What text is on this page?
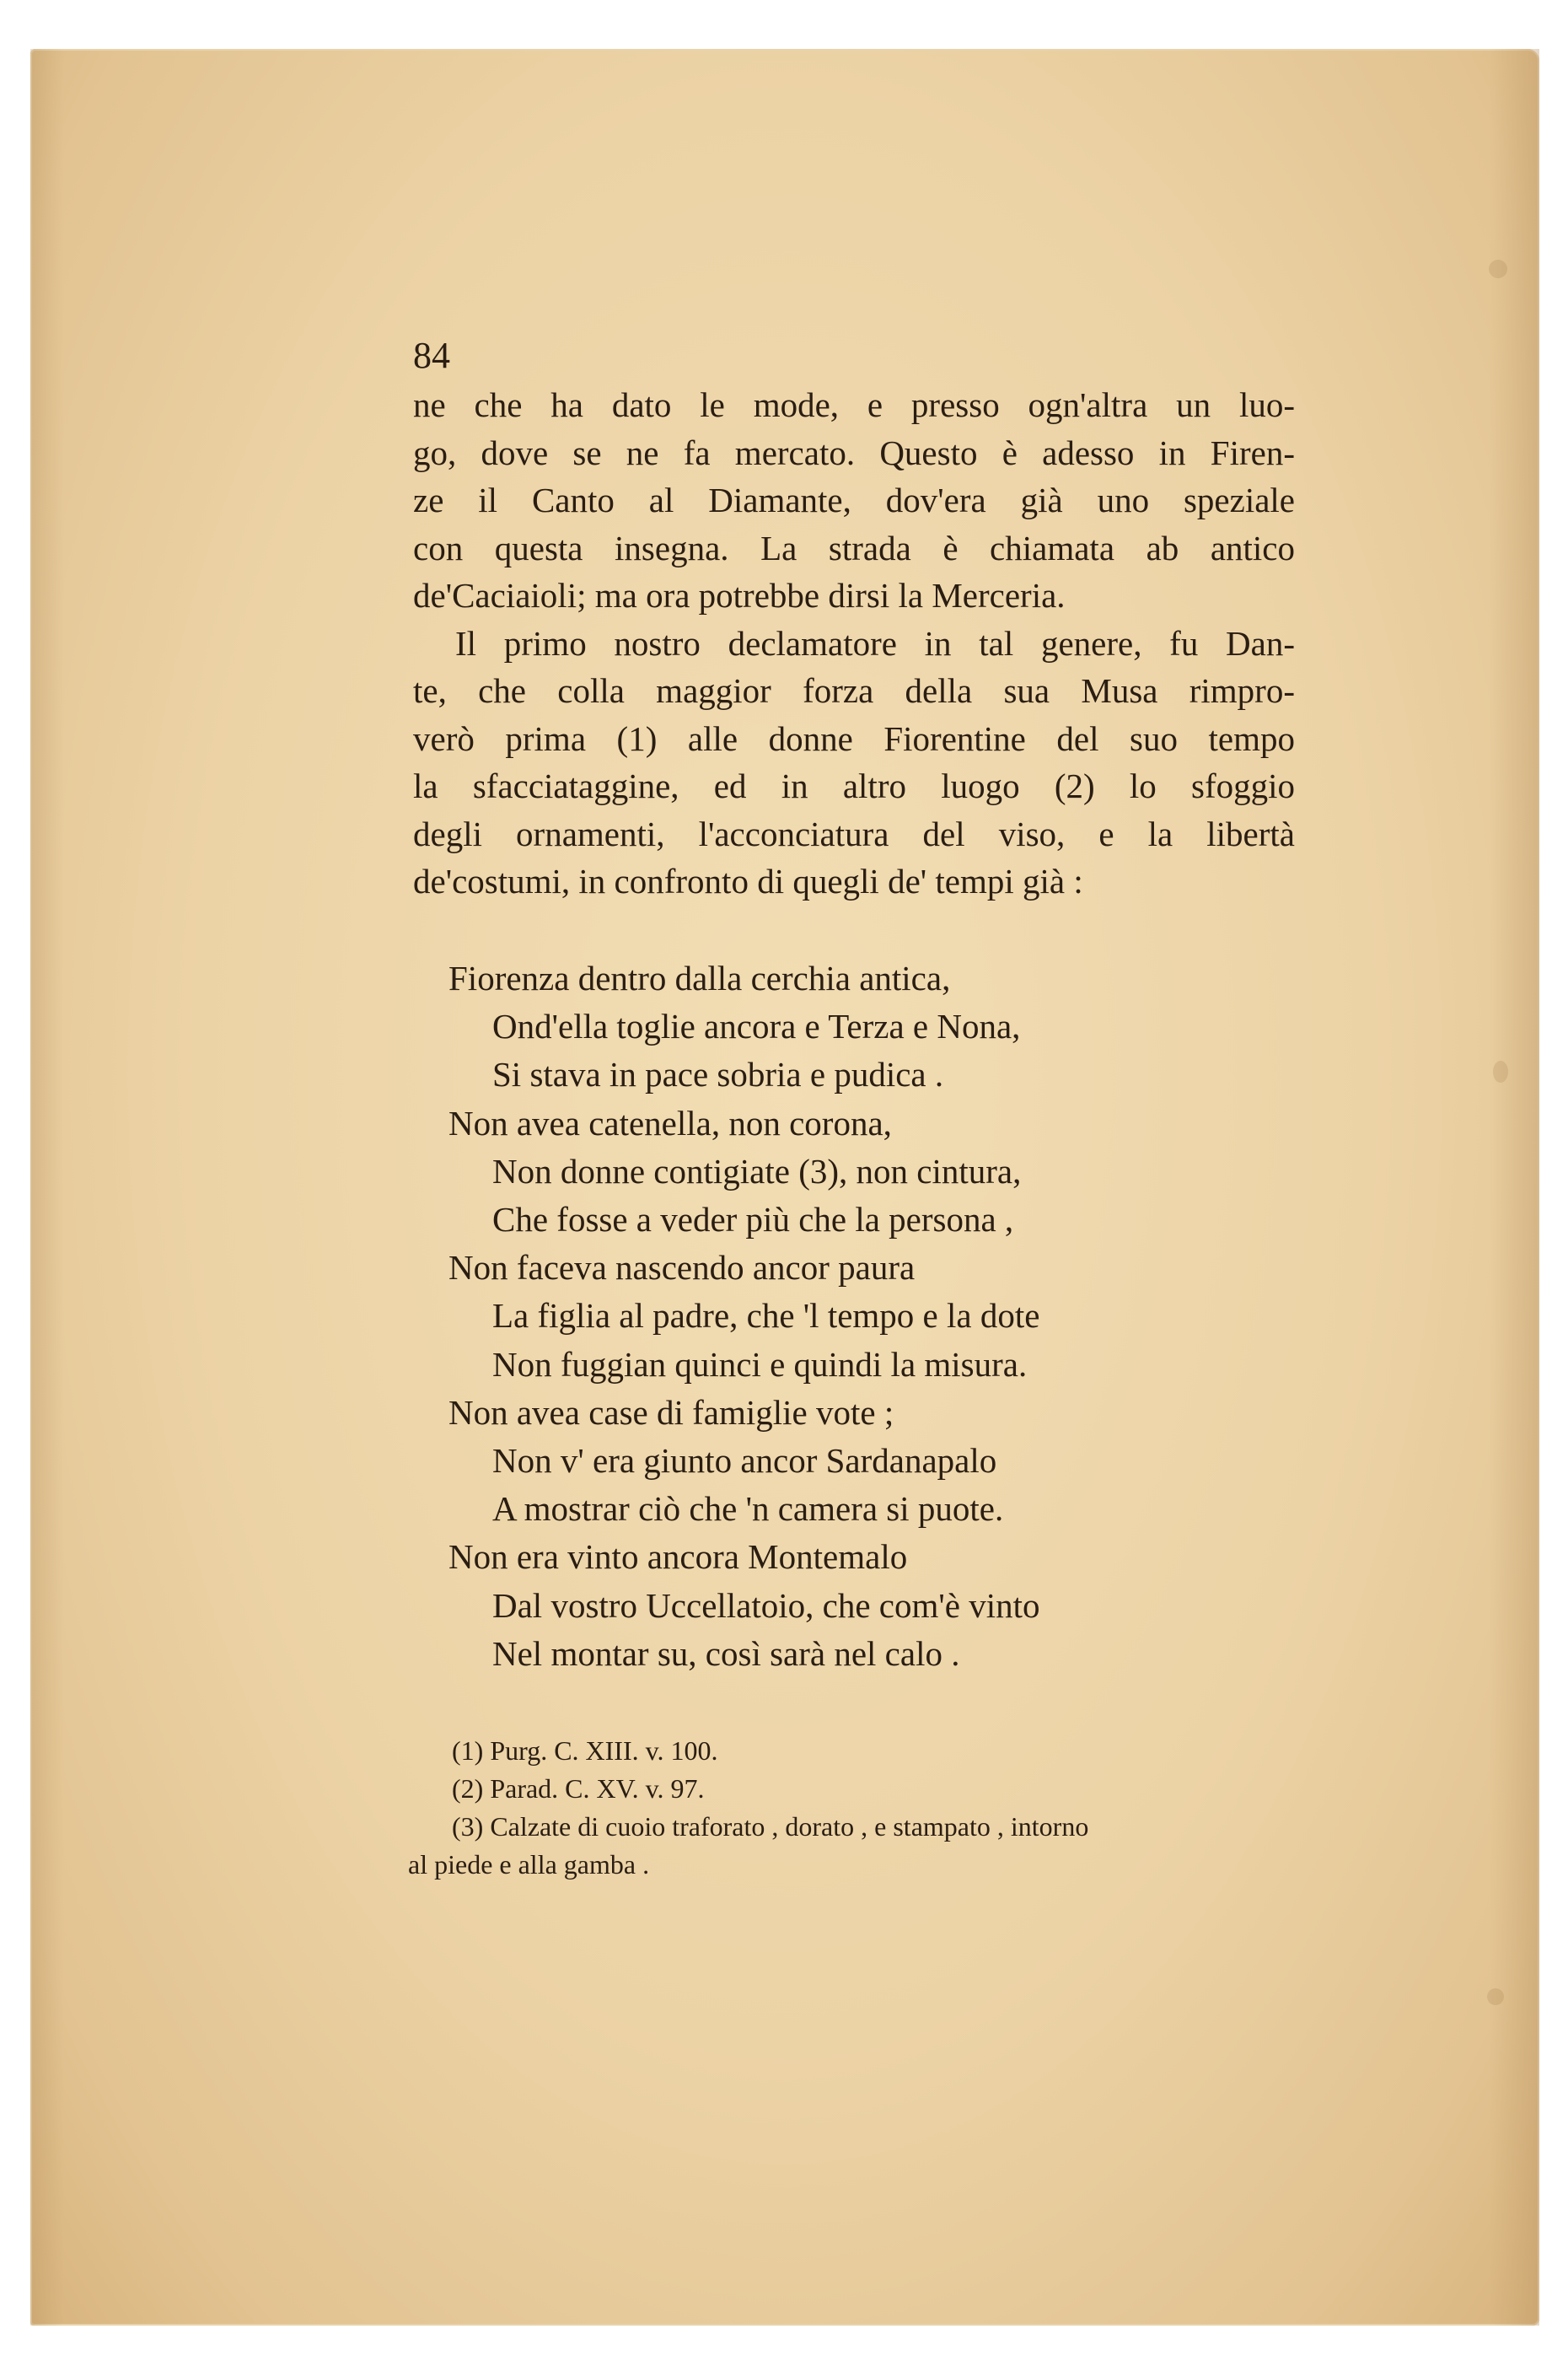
84
ne che ha dato le mode, e presso ogn'altra un luo-
go, dove se ne fa mercato. Questo è adesso in Firen-
ze il Canto al Diamante, dov'era già uno speziale
con questa insegna. La strada è chiamata ab antico
de'Caciaioli; ma ora potrebbe dirsi la Merceria.
Il primo nostro declamatore in tal genere, fu Dan-
te, che colla maggior forza della sua Musa rimpro-
verò prima (1) alle donne Fiorentine del suo tempo
la sfacciataggine, ed in altro luogo (2) lo sfoggio
degli ornamenti, l'acconciatura del viso, e la libertà
de'costumi, in confronto di quegli de' tempi già :
Fiorenza dentro dalla cerchia antica,
Ond'ella toglie ancora e Terza e Nona,
Si stava in pace sobria e pudica .
Non avea catenella, non corona,
Non donne contigiate (3), non cintura,
Che fosse a veder più che la persona ,
Non faceva nascendo ancor paura
La figlia al padre, che 'l tempo e la dote
Non fuggian quinci e quindi la misura.
Non avea case di famiglie vote ;
Non v' era giunto ancor Sardanapalo
A mostrar ciò che 'n camera si puote.
Non era vinto ancora Montemalo
Dal vostro Uccellatoio, che com'è vinto
Nel montar su, così sarà nel calo .
(1) Purg. C. XIII. v. 100.
(2) Parad. C. XV. v. 97.
(3) Calzate di cuoio traforato , dorato , e stampato , intorno
al piede e alla gamba .
